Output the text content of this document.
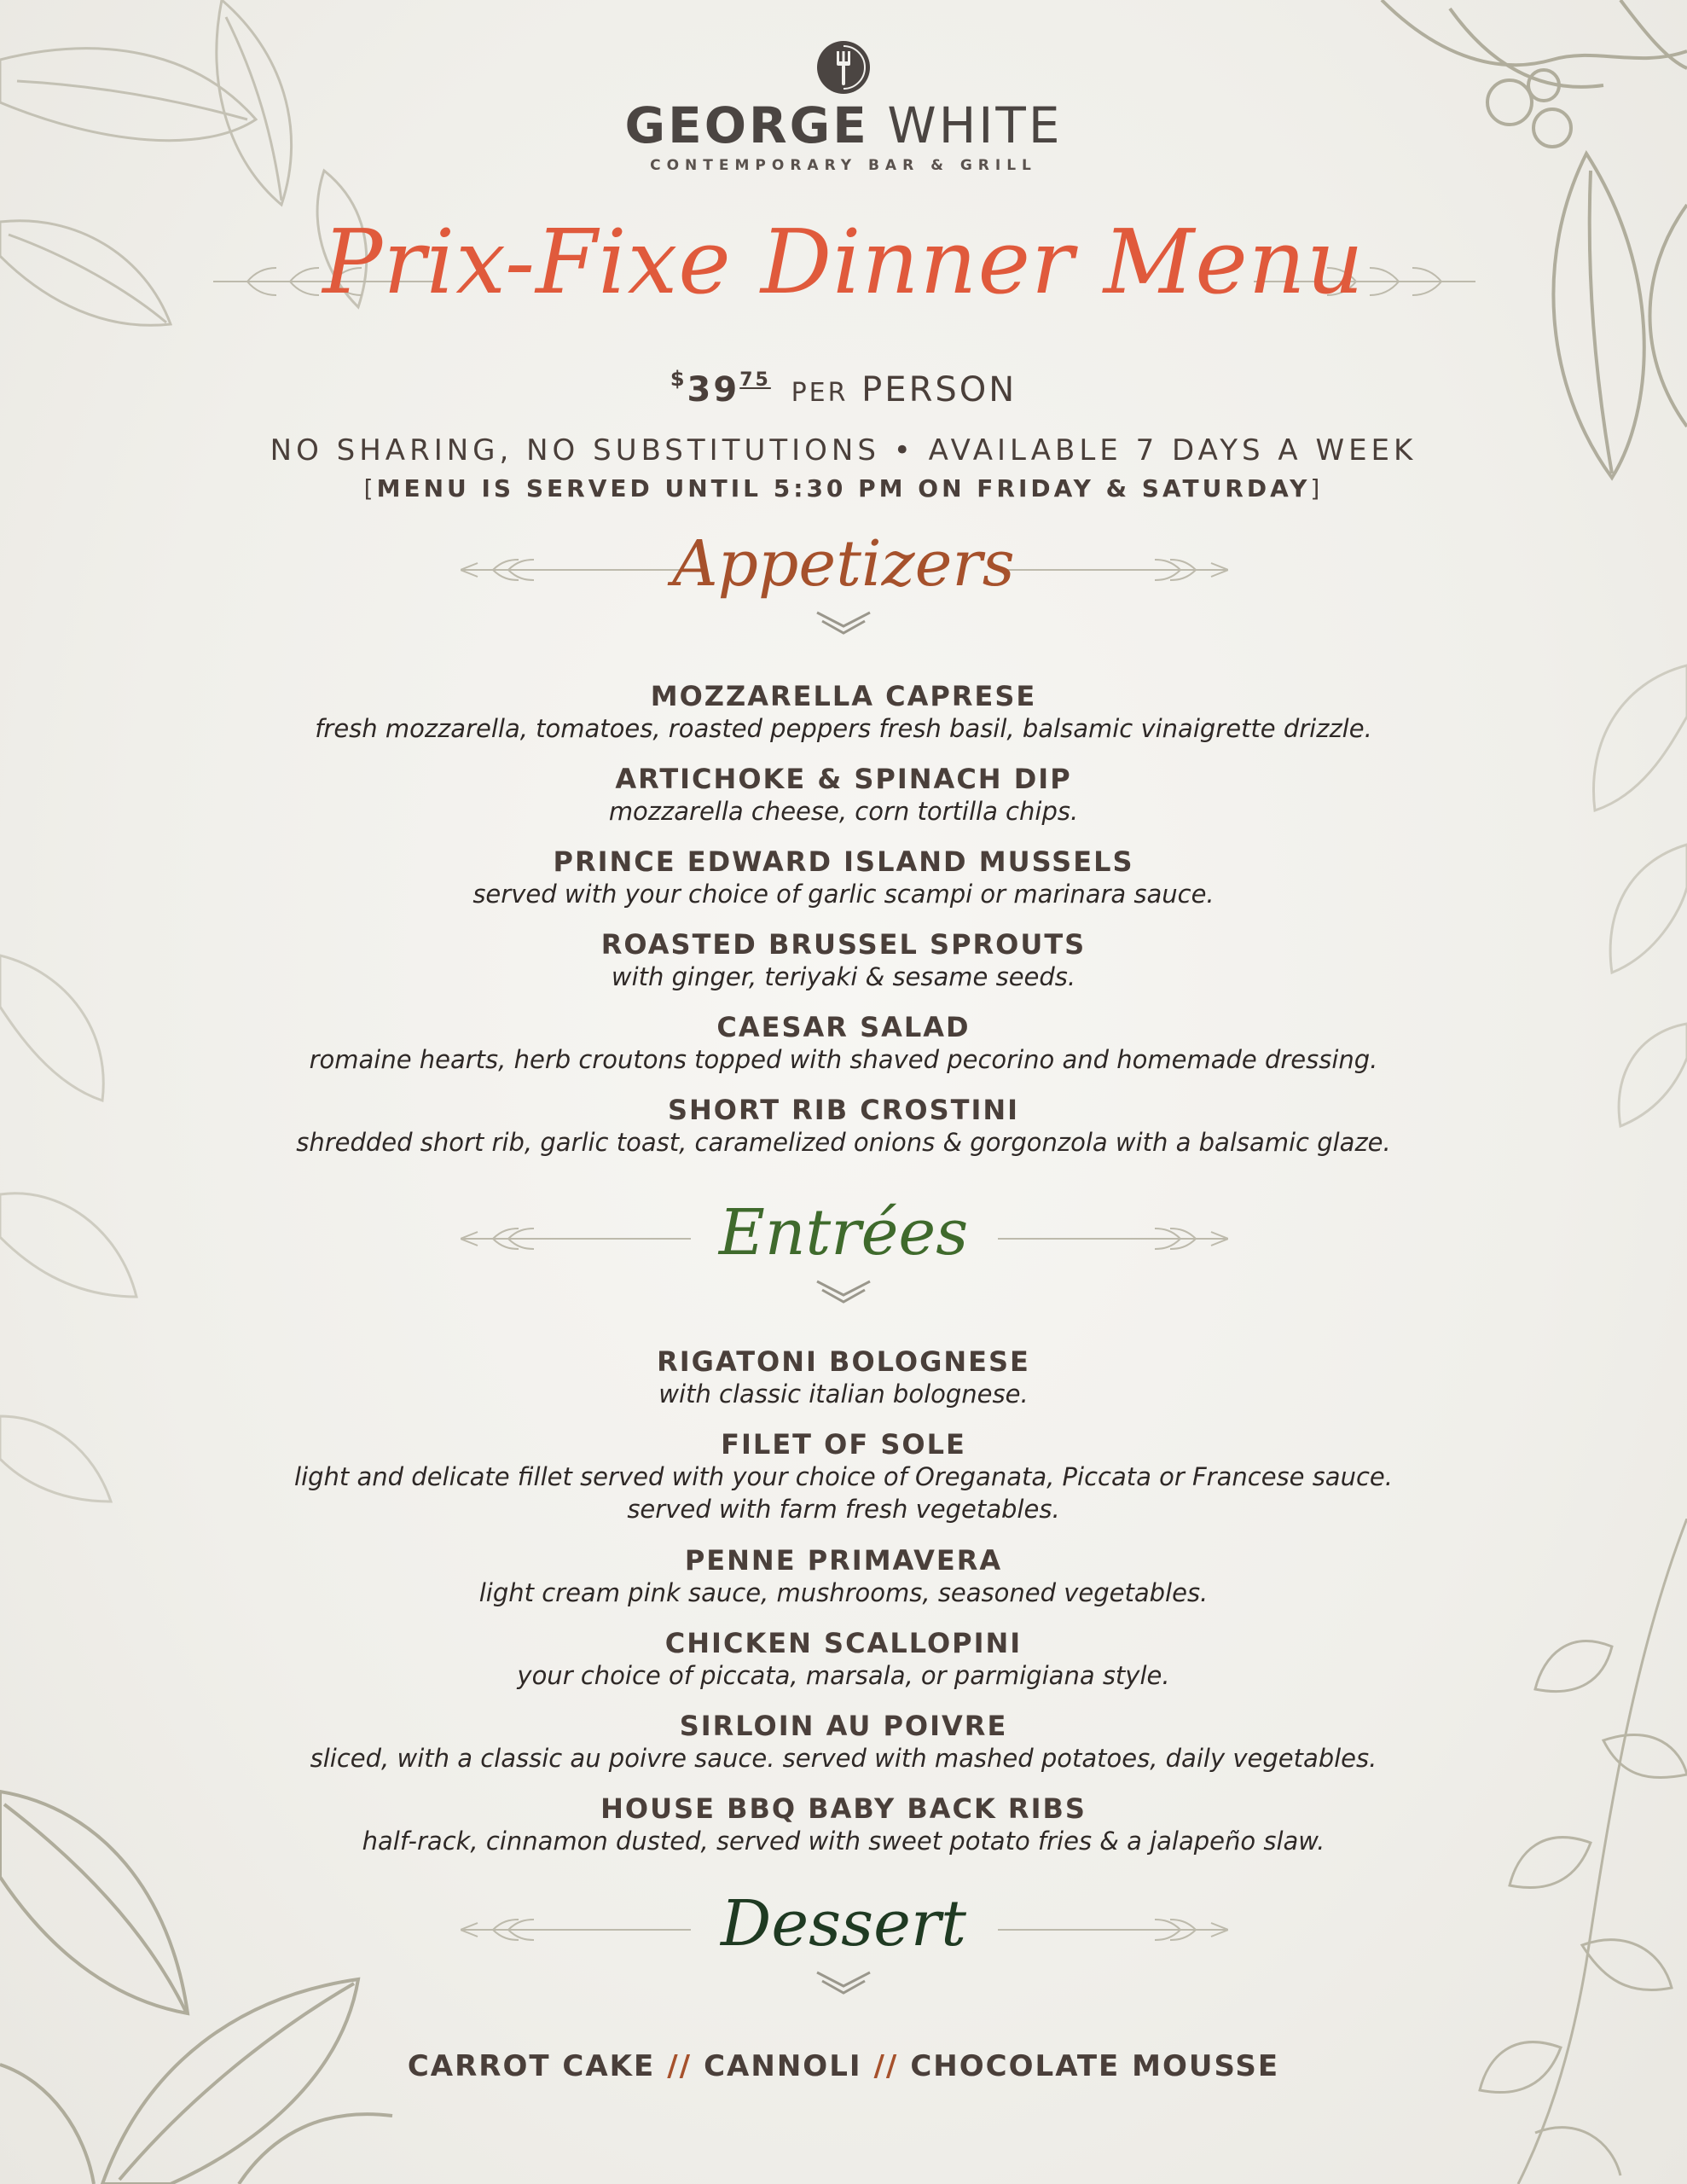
GEORGE WHITE
CONTEMPORARY BAR & GRILL
Prix-Fixe Dinner Menu
$^{\$}39^{75}$ PER PERSON
NO SHARING, NO SUBSTITUTIONS • AVAILABLE 7 DAYS A WEEK
[MENU IS SERVED UNTIL 5:30 PM ON FRIDAY & SATURDAY]
CARROT CAKE // CANNOLI // CHOCOLATE MOUSSE
Appetizers
MOZZARELLA CAPRESE
fresh mozzarella, tomatoes, roasted peppers fresh basil, balsamic vinaigrette drizzle.
ARTICHOKE & SPINACH DIP
mozzarella cheese, corn tortilla chips.
PRINCE EDWARD ISLAND MUSSELS
served with your choice of garlic scampi or marinara sauce.
ROASTED BRUSSEL SPROUTS
with ginger, teriyaki & sesame seeds.
CAESAR SALAD
romaine hearts, herb croutons topped with shaved pecorino and homemade dressing.
SHORT RIB CROSTINI
shredded short rib, garlic toast, caramelized onions & gorgonzola with a balsamic glaze.
Entrées
RIGATONI BOLOGNESE
with classic italian bolognese.
FILET OF SOLE
light and delicate fillet served with your choice of Oreganata, Piccata or Francese sauce.
served with farm fresh vegetables.
PENNE PRIMAVERA
light cream pink sauce, mushrooms, seasoned vegetables.
CHICKEN SCALLOPINI
your choice of piccata, marsala, or parmigiana style.
SIRLOIN AU POIVRE
sliced, with a classic au poivre sauce. served with mashed potatoes, daily vegetables.
HOUSE BBQ BABY BACK RIBS
half-rack, cinnamon dusted, served with sweet potato fries & a jalapeño slaw.
Dessert
